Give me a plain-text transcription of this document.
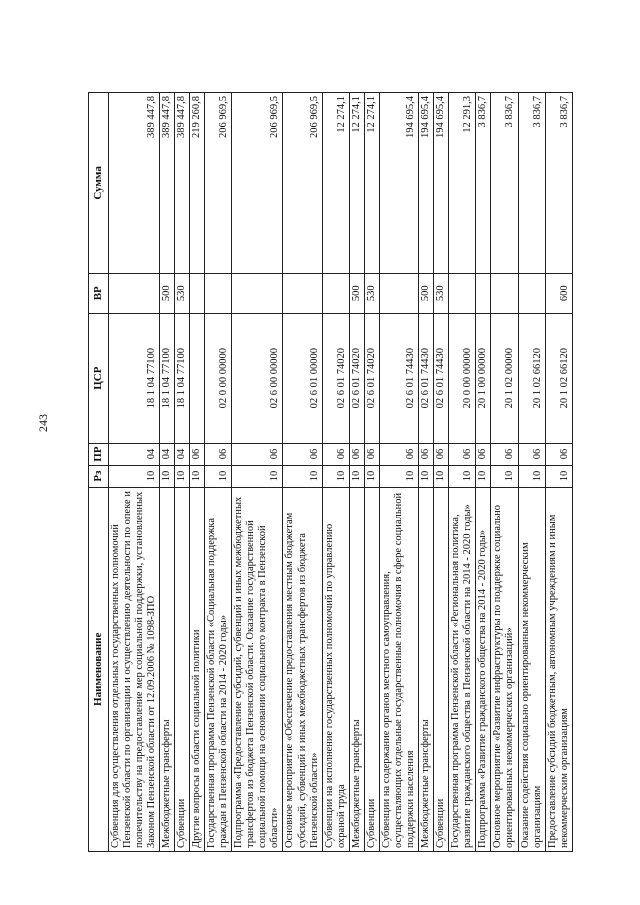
243
Наименование	Рз	ПР	ЦСР	ВР	Сумма
Субвенция для осуществления отдельных государственных полномочий Пензенской области по организации и осуществлению деятельности по опеке и попечительству на предоставление мер социальной поддержки, установленных Законом Пензенской области от 12.09.2006 № 1098-ЗПО	10	04	18 1 04 77100		389 447,8
Межбюджетные трансферты	10	04	18 1 04 77100	500	389 447,8
Субвенции	10	04	18 1 04 77100	530	389 447,8
Другие вопросы в области социальной политики	10	06			219 260,8
Государственная программа Пензенской области «Социальная поддержка граждан в Пензенской области на 2014 - 2020 годы»	10	06	02 0 00 00000		206 969,5
Подпрограмма «Предоставление субсидий, субвенций и иных межбюджетных трансфертов из бюджета Пензенской области. Оказание государственной социальной помощи на основании социального контракта в Пензенской области»	10	06	02 6 00 00000		206 969,5
Основное мероприятие «Обеспечение предоставления местным бюджетам субсидий, субвенций и иных межбюджетных трансфертов из бюджета Пензенской области»	10	06	02 6 01 00000		206 969,5
Субвенции на исполнение государственных полномочий по управлению охраной труда	10	06	02 6 01 74020		12 274,1
Межбюджетные трансферты	10	06	02 6 01 74020	500	12 274,1
Субвенции	10	06	02 6 01 74020	530	12 274,1
Субвенции на содержание органов местного самоуправления, осуществляющих отдельные государственные полномочия в сфере социальной поддержки населения	10	06	02 6 01 74430		194 695,4
Межбюджетные трансферты	10	06	02 6 01 74430	500	194 695,4
Субвенции	10	06	02 6 01 74430	530	194 695,4
Государственная программа Пензенской области «Региональная политика, развитие гражданского общества в Пензенской области на 2014 - 2020 годы»	10	06	20 0 00 00000		12 291,3
Подпрограмма «Развитие гражданского общества на 2014 - 2020 годы»	10	06	20 1 00 00000		3 836,7
Основное мероприятие «Развитие инфраструктуры по поддержке социально ориентированных некоммерческих организаций»	10	06	20 1 02 00000		3 836,7
Оказание содействия социально ориентированным некоммерческим организациям	10	06	20 1 02 66120		3 836,7
Предоставление субсидий бюджетным, автономным учреждениям и иным некоммерческим организациям	10	06	20 1 02 66120	600	3 836,7
